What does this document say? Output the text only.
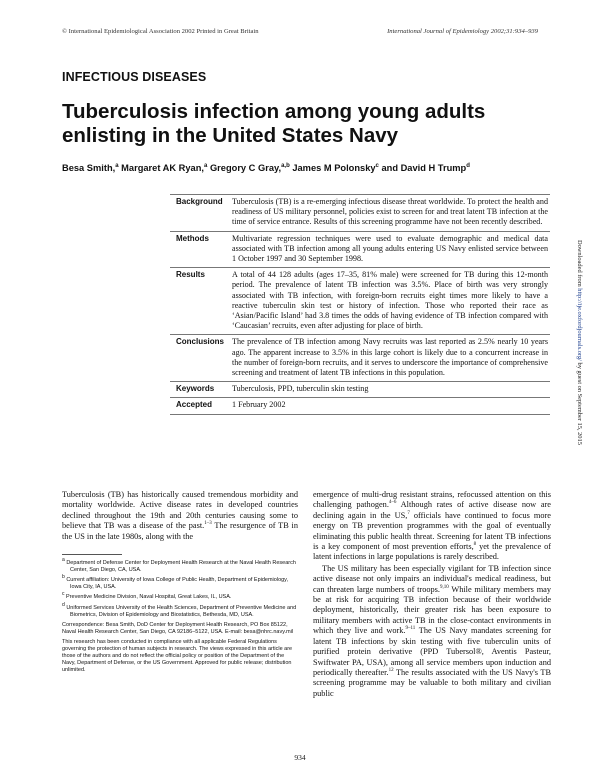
© International Epidemiological Association 2002 Printed in Great Britain	International Journal of Epidemiology 2002;31:934–939
INFECTIOUS DISEASES
Tuberculosis infection among young adults enlisting in the United States Navy
Besa Smith,$^a$ Margaret AK Ryan,$^a$ Gregory C Gray,$^{a,b}$ James M Polonsky$^c$ and David H Trump$^d$
Background	Tuberculosis (TB) is a re-emerging infectious disease threat worldwide. To protect the health and readiness of US military personnel, policies exist to screen for and treat latent TB infection at the time of service entrance. Results of this screening programme have not been recently described.
Methods	Multivariate regression techniques were used to evaluate demographic and medical data associated with TB infection among all young adults entering US Navy enlisted service between 1 October 1997 and 30 September 1998.
Results	A total of 44 128 adults (ages 17–35, 81% male) were screened for TB during this 12-month period. The prevalence of latent TB infection was 3.5%. Place of birth was very strongly associated with TB infection, with foreign-born recruits eight times more likely to have a reactive tuberculin skin test or history of infection. Those who reported their race as ‘Asian/Pacific Island’ had 3.8 times the odds of having evidence of TB infection compared with ‘Caucasian’ recruits, even after adjusting for place of birth.
Conclusions	The prevalence of TB infection among Navy recruits was last reported as 2.5% nearly 10 years ago. The apparent increase to 3.5% in this large cohort is likely due to a concurrent increase in the number of foreign-born recruits, and it serves to underscore the importance of comprehensive screening and treatment of latent TB infections in this population.
Keywords	Tuberculosis, PPD, tuberculin skin testing
Accepted	1 February 2002

Tuberculosis (TB) has historically caused tremendous morbidity and mortality worldwide. Active disease rates in developed countries declined throughout the 19th and 20th centuries causing some to believe that TB was a disease of the past.$^{1-3}$ The resurgence of TB in the US in the late 1980s, along with the

$^a$ Department of Defense Center for Deployment Health Research at the Naval Health Research Center, San Diego, CA, USA.
$^b$ Current affiliation: University of Iowa College of Public Health, Department of Epidemiology, Iowa City, IA, USA.
$^c$ Preventive Medicine Division, Naval Hospital, Great Lakes, IL, USA.
$^d$ Uniformed Services University of the Health Sciences, Department of Preventive Medicine and Biometrics, Division of Epidemiology and Biostatistics, Bethesda, MD, USA.
Correspondence: Besa Smith, DoD Center for Deployment Health Research, PO Box 85122, Naval Health Research Center, San Diego, CA 92186–5122, USA. E-mail: besa@nhrc.navy.mil
This research has been conducted in compliance with all applicable Federal Regulations governing the protection of human subjects in research. The views expressed in this article are those of the authors and do not reflect the official policy or position of the Department of the Navy, Department of Defense, or the US Government. Approved for public release; distribution unlimited.

emergence of multi-drug resistant strains, refocussed attention on this challenging pathogen.$^{4-6}$ Although rates of active disease now are declining again in the US,$^7$ officials have continued to focus more energy on TB prevention programmes with the goal of eventually eliminating this public health threat. Screening for latent TB infections is a key component of most prevention efforts,$^8$ yet the prevalence of latent infections in large populations is rarely described.

The US military has been especially vigilant for TB infection since active disease not only impairs an individual's medical readiness, but can threaten large numbers of troops.$^{9,10}$ While military members may be at risk for acquiring TB infection because of their worldwide deployment, historically, their greater risk has been exposure to military members with active TB in the close-contact environments in which they live and work.$^{9-11}$ The US Navy mandates screening for latent TB infections by skin testing with five tuberculin units of purified protein derivative (PPD Tubersol®, Aventis Pasteur, Swiftwater PA, USA), among all service members upon induction and periodically thereafter.$^{12}$ The results associated with the US Navy's TB screening programme may be valuable to both military and civilian public

Downloaded from http://ije.oxfordjournals.org/ by guest on September 15, 2015
934
